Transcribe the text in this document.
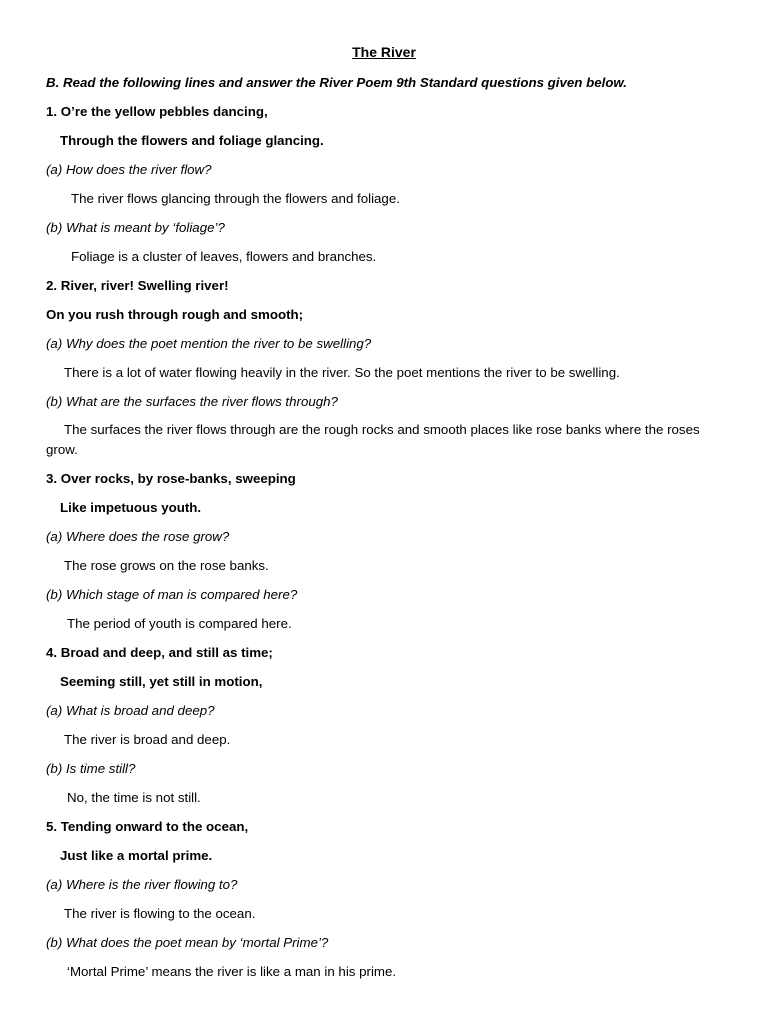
The River
B. Read the following lines and answer the River Poem 9th Standard questions given below.
1. O’re the yellow pebbles dancing,
Through the flowers and foliage glancing.
(a) How does the river flow?
The river flows glancing through the flowers and foliage.
(b) What is meant by ‘foliage’?
Foliage is a cluster of leaves, flowers and branches.
2. River, river! Swelling river!
On you rush through rough and smooth;
(a) Why does the poet mention the river to be swelling?
There is a lot of water flowing heavily in the river. So the poet mentions the river to be swelling.
(b) What are the surfaces the river flows through?
The surfaces the river flows through are the rough rocks and smooth places like rose banks where the roses grow.
3. Over rocks, by rose-banks, sweeping
Like impetuous youth.
(a) Where does the rose grow?
The rose grows on the rose banks.
(b) Which stage of man is compared here?
The period of youth is compared here.
4. Broad and deep, and still as time;
Seeming still, yet still in motion,
(a) What is broad and deep?
The river is broad and deep.
(b) Is time still?
No, the time is not still.
5. Tending onward to the ocean,
Just like a mortal prime.
(a) Where is the river flowing to?
The river is flowing to the ocean.
(b) What does the poet mean by ‘mortal Prime’?
‘Mortal Prime’ means the river is like a man in his prime.
